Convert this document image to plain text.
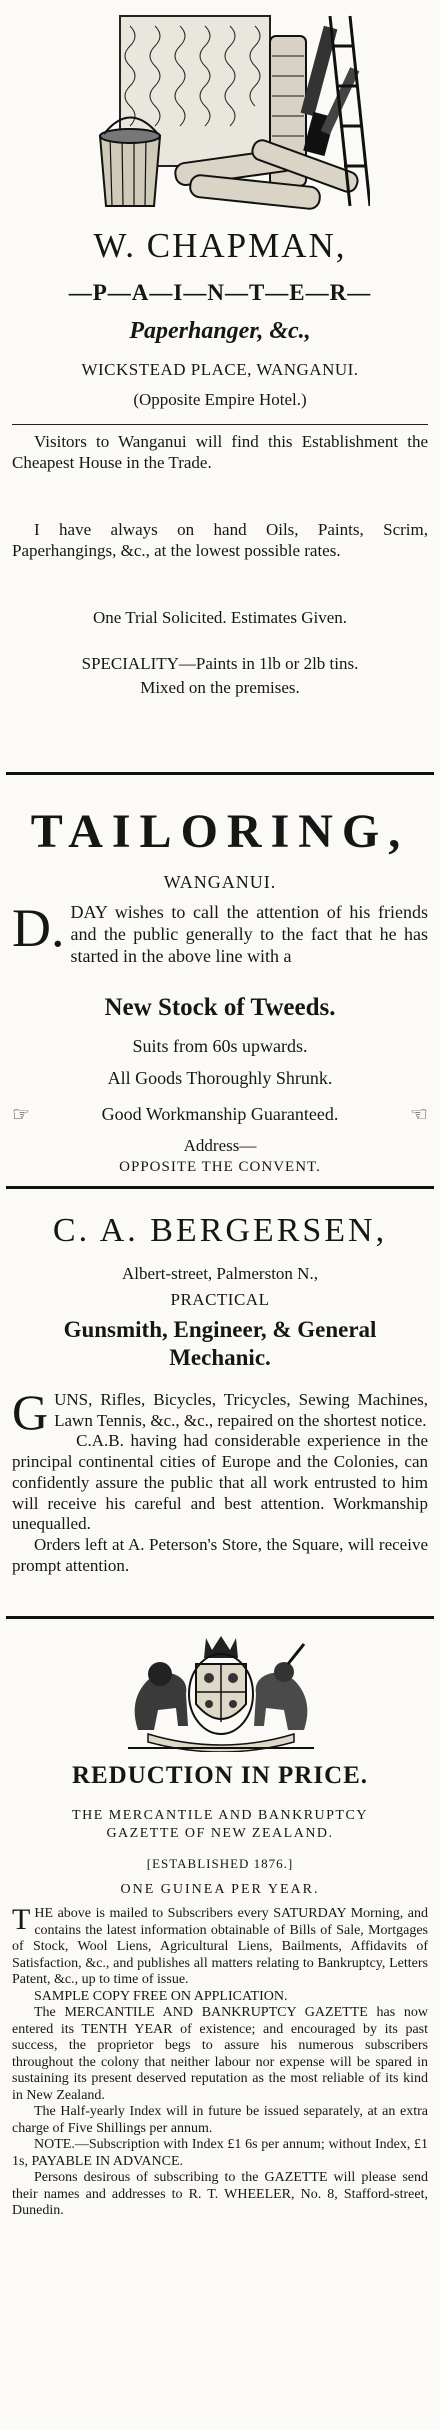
W. CHAPMAN,
—P—A—I—N—T—E—R—
Paperhanger, &c.,
WICKSTEAD PLACE, WANGANUI.
(Opposite Empire Hotel.)

Visitors to Wanganui will find this Establishment the Cheapest House in the Trade.

I have always on hand Oils, Paints, Scrim, Paperhangings, &c., at the lowest possible rates.

One Trial Solicited. Estimates Given.

SPECIALITY—Paints in 1lb or 2lb tins.

Mixed on the premises.

TAILORING,
WANGANUI.
D. DAY wishes to call the attention of his friends and the public generally to the fact that he has started in the above line with a
New Stock of Tweeds.
Suits from 60s upwards.
All Goods Thoroughly Shrunk.
☞	Good Workmanship Guaranteed.	☜
Address—
OPPOSITE THE CONVENT.
C. A. BERGERSEN,
Albert-street, Palmerston N.,
PRACTICAL
Gunsmith, Engineer, & General Mechanic.

G UNS, Rifles, Bicycles, Tricycles, Sewing Machines, Lawn Tennis, &c., &c., repaired on the shortest notice.

C.A.B. having had considerable experience in the principal continental cities of Europe and the Colonies, can confidently assure the public that all work entrusted to him will receive his careful and best attention. Workmanship unequalled.

Orders left at A. Peterson's Store, the Square, will receive prompt attention.

REDUCTION IN PRICE.
THE MERCANTILE AND BANKRUPTCY
GAZETTE OF NEW ZEALAND.
[ESTABLISHED 1876.]
ONE GUINEA PER YEAR.

T HE above is mailed to Subscribers every SATURDAY Morning, and contains the latest information obtainable of Bills of Sale, Mortgages of Stock, Wool Liens, Agricultural Liens, Bailments, Affidavits of Satisfaction, &c., and publishes all matters relating to Bankruptcy, Letters Patent, &c., up to time of issue.

SAMPLE COPY FREE ON APPLICATION.

The MERCANTILE AND BANKRUPTCY GAZETTE has now entered its TENTH YEAR of existence; and encouraged by its past success, the proprietor begs to assure his numerous subscribers throughout the colony that neither labour nor expense will be spared in sustaining its present deserved reputation as the most reliable of its kind in New Zealand.

The Half-yearly Index will in future be issued separately, at an extra charge of Five Shillings per annum.

NOTE.—Subscription with Index £1 6s per annum; without Index, £1 1s, PAYABLE IN ADVANCE.

Persons desirous of subscribing to the GAZETTE will please send their names and addresses to R. T. WHEELER, No. 8, Stafford-street, Dunedin.
